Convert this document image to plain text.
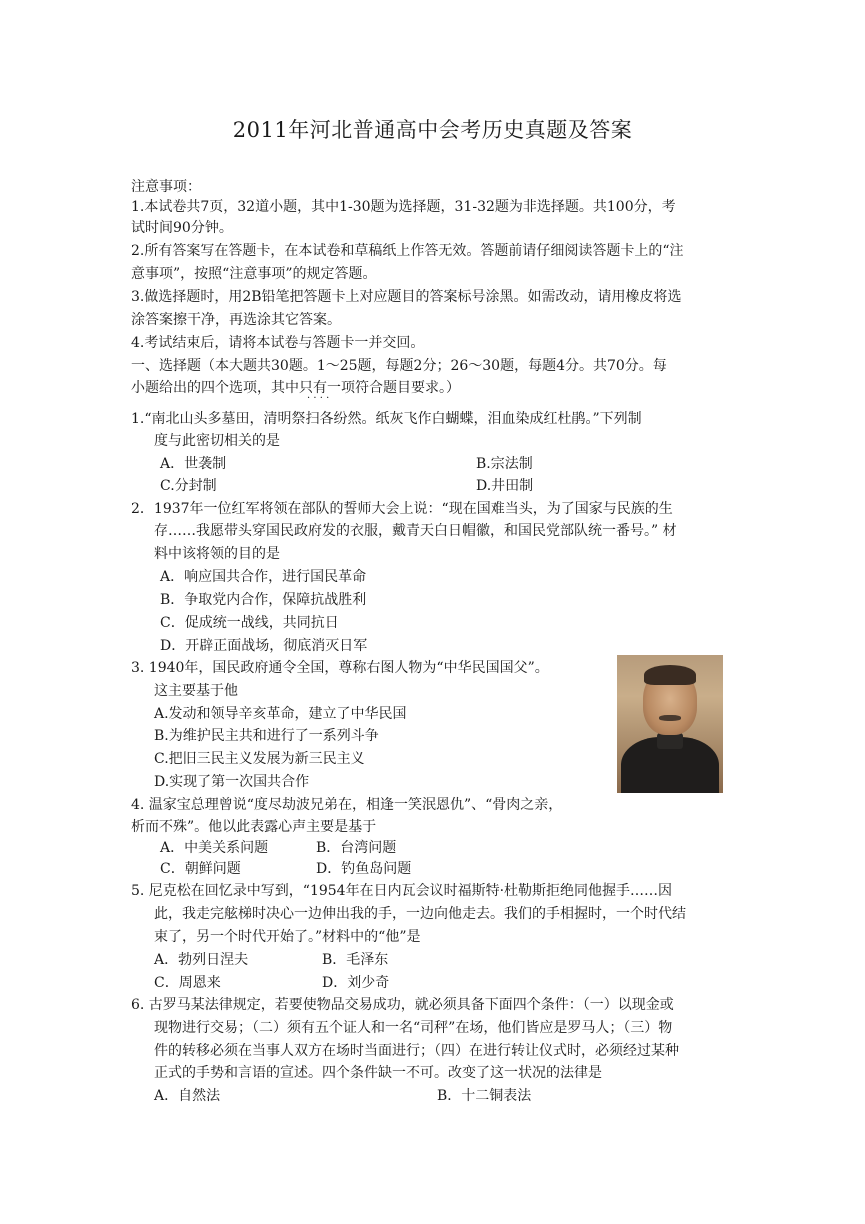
2011年河北普通高中会考历史真题及答案
注意事项：
1.本试卷共7页，32道小题，其中1-30题为选择题，31-32题为非选择题。共100分，考
试时间90分钟。
2.所有答案写在答题卡，在本试卷和草稿纸上作答无效。答题前请仔细阅读答题卡上的“注
意事项”，按照“注意事项”的规定答题。
3.做选择题时，用2B铅笔把答题卡上对应题目的答案标号涂黑。如需改动，请用橡皮将选
涂答案擦干净，再选涂其它答案。
4.考试结束后，请将本试卷与答题卡一并交回。
一、选择题（本大题共30题。1～25题，每题2分；26～30题，每题4分。共70分。每
小题给出的四个选项，其中只有一项符合题目要求。）
· · · ·
1.“南北山头多墓田，清明祭扫各纷然。纸灰飞作白蝴蝶，泪血染成红杜鹃。”下列制
度与此密切相关的是
A．世袭制	B.宗法制
C.分封制	D.井田制
2．1937年一位红军将领在部队的誓师大会上说：“现在国难当头，为了国家与民族的生
存……我愿带头穿国民政府发的衣服，戴青天白日帽徽，和国民党部队统一番号。” 材
料中该将领的目的是
A．响应国共合作，进行国民革命
B．争取党内合作，保障抗战胜利
C．促成统一战线，共同抗日
D．开辟正面战场，彻底消灭日军
3. 1940年，国民政府通令全国，尊称右图人物为“中华民国国父”。
这主要基于他
A.发动和领导辛亥革命，建立了中华民国
B.为维护民主共和进行了一系列斗争
C.把旧三民主义发展为新三民主义
D.实现了第一次国共合作
4. 温家宝总理曾说“度尽劫波兄弟在，相逢一笑泯恩仇”、“骨肉之亲，
析而不殊”。他以此表露心声主要是基于
A．中美关系问题	B．台湾问题
C．朝鲜问题	D．钓鱼岛问题
5. 尼克松在回忆录中写到，“1954年在日内瓦会议时福斯特·杜勒斯拒绝同他握手……因
此，我走完舷梯时决心一边伸出我的手，一边向他走去。我们的手相握时，一个时代结
束了，另一个时代开始了。”材料中的“他”是
A．勃列日涅夫	B．毛泽东
C．周恩来	D．刘少奇
6. 古罗马某法律规定，若要使物品交易成功，就必须具备下面四个条件：（一）以现金或
现物进行交易；（二）须有五个证人和一名“司秤”在场，他们皆应是罗马人；（三）物
件的转移必须在当事人双方在场时当面进行；（四）在进行转让仪式时，必须经过某种
正式的手势和言语的宣述。四个条件缺一不可。改变了这一状况的法律是
A．自然法	B．十二铜表法
